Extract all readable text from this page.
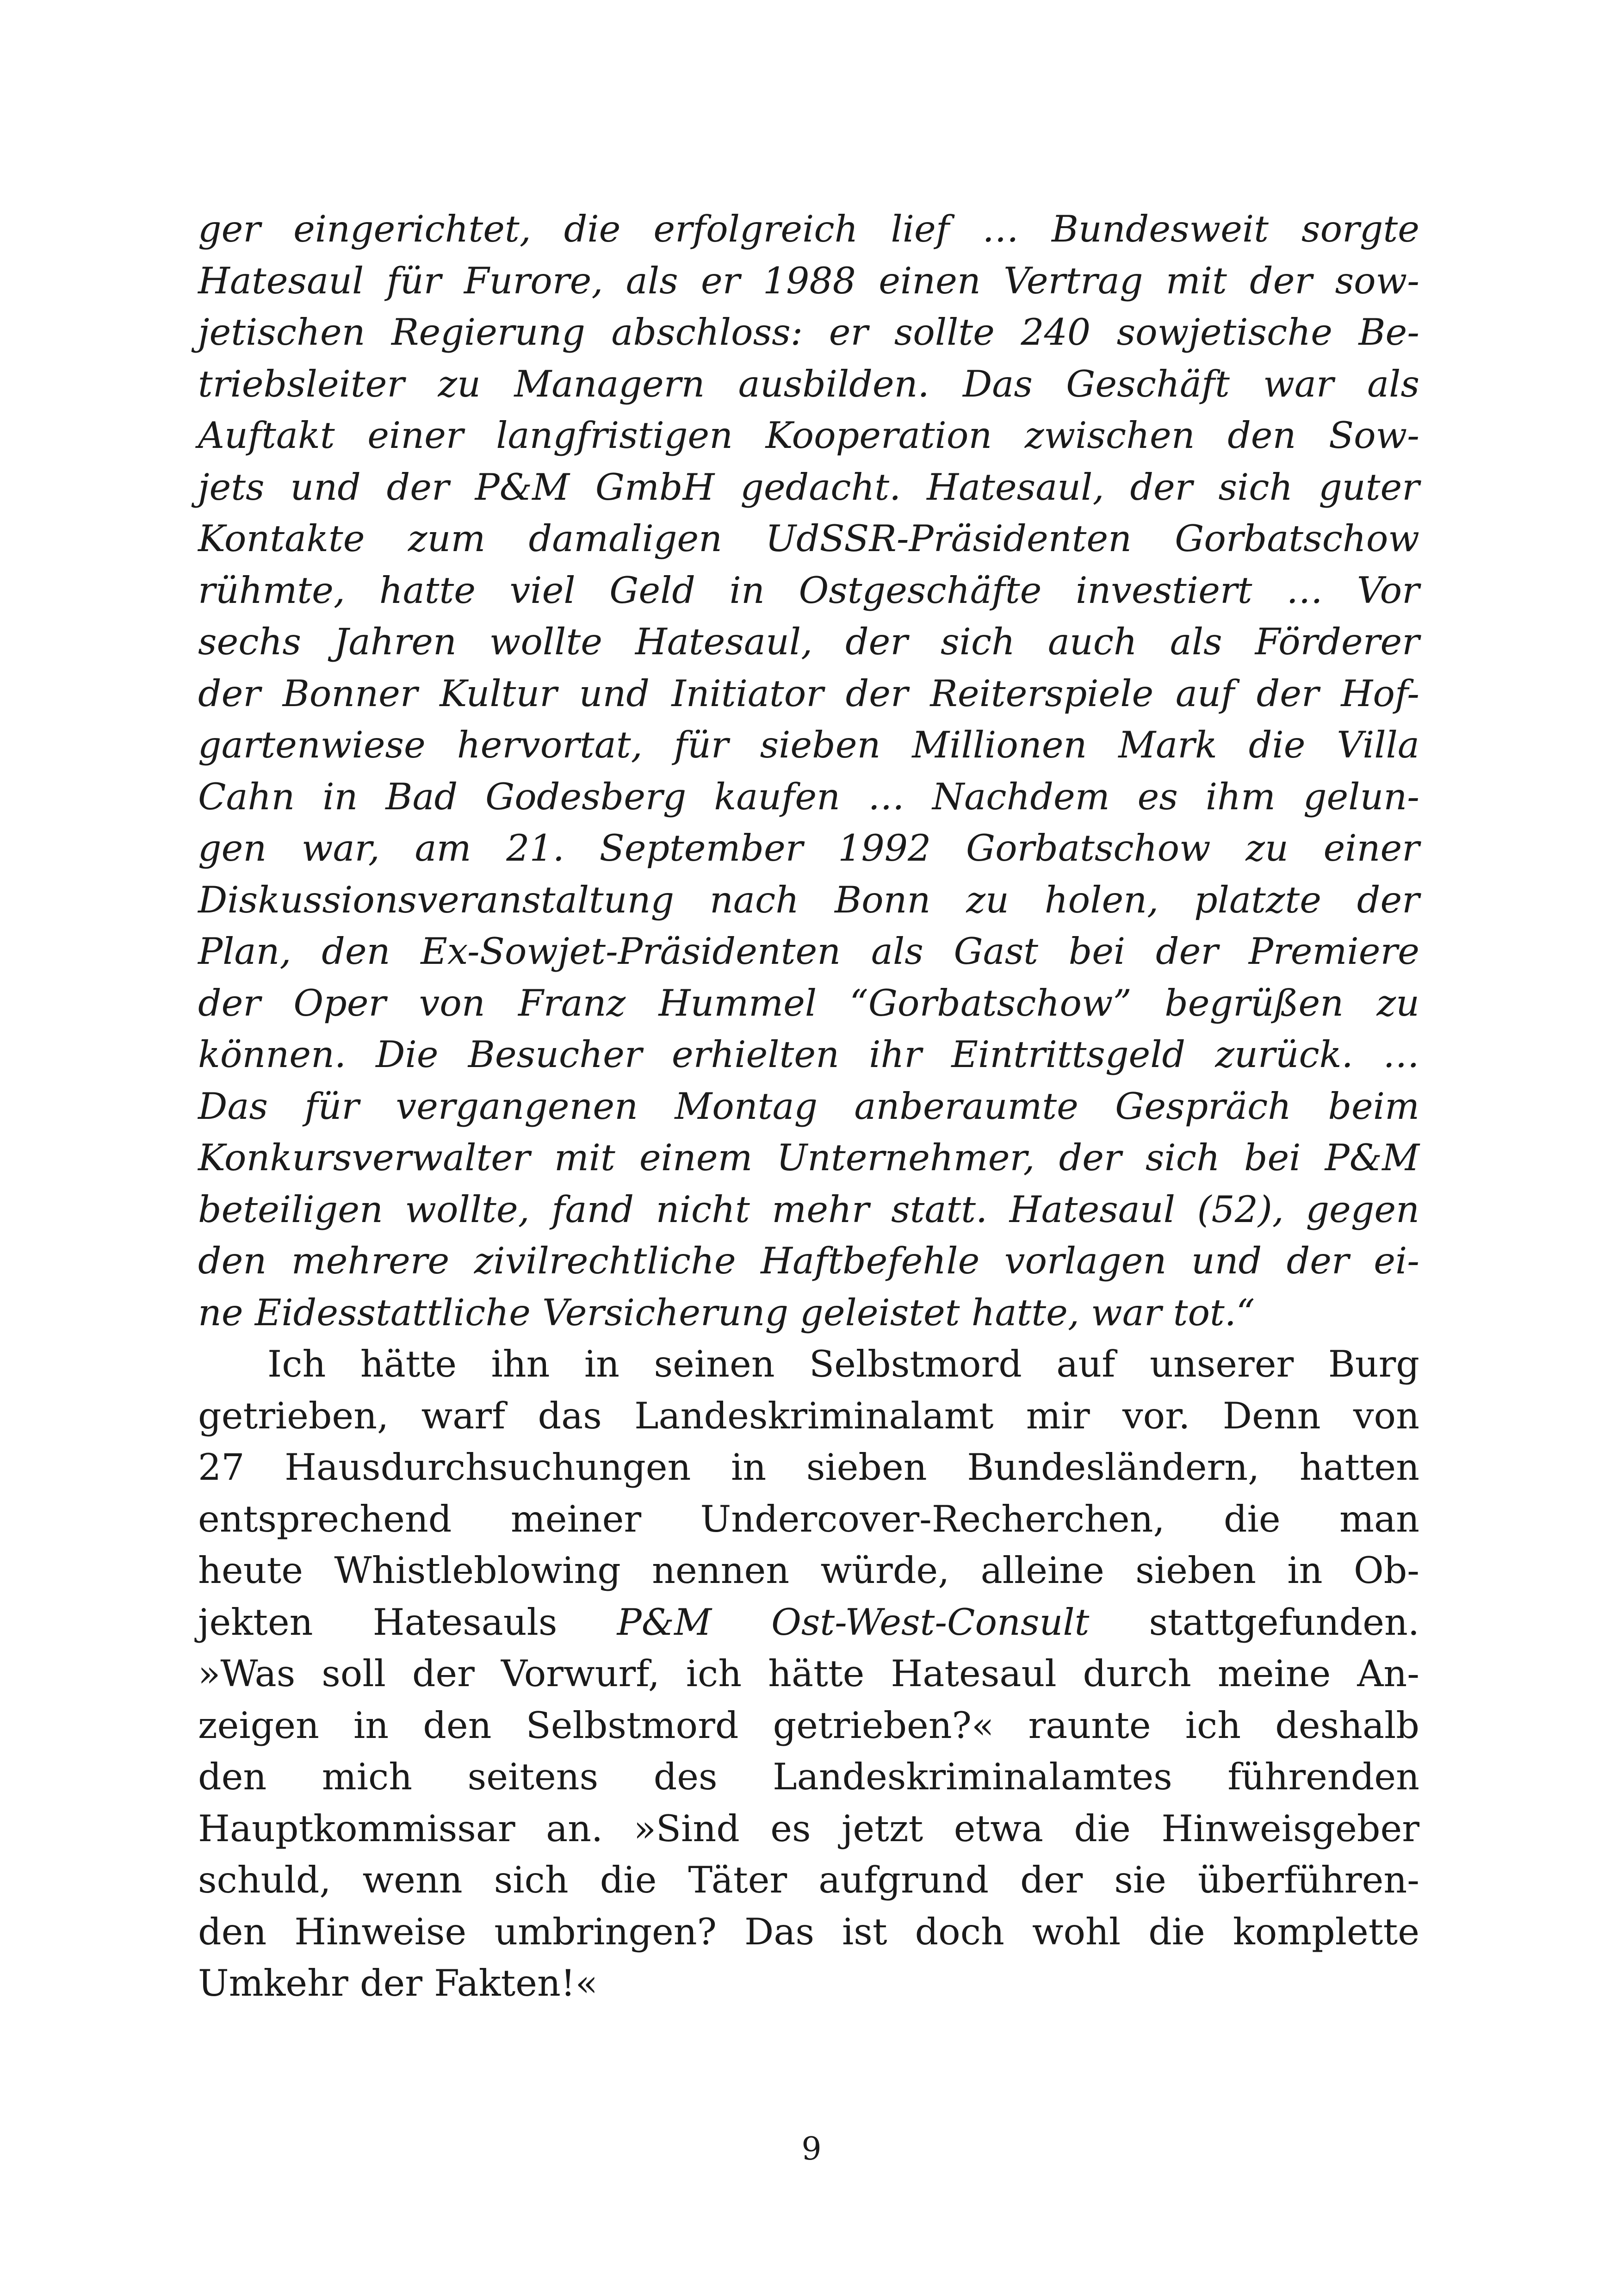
ger eingerichtet, die erfolgreich lief … Bundesweit sorgte
Hatesaul für Furore, als er 1988 einen Vertrag mit der sow-
jetischen Regierung abschloss: er sollte 240 sowjetische Be-
triebsleiter zu Managern ausbilden. Das Geschäft war als
Auftakt einer langfristigen Kooperation zwischen den Sow-
jets und der P&M GmbH gedacht. Hatesaul, der sich guter
Kontakte zum damaligen UdSSR-Präsidenten Gorbatschow
rühmte, hatte viel Geld in Ostgeschäfte investiert … Vor
sechs Jahren wollte Hatesaul, der sich auch als Förderer
der Bonner Kultur und Initiator der Reiterspiele auf der Hof-
gartenwiese hervortat, für sieben Millionen Mark die Villa
Cahn in Bad Godesberg kaufen … Nachdem es ihm gelun-
gen war, am 21. September 1992 Gorbatschow zu einer
Diskussionsveranstaltung nach Bonn zu holen, platzte der
Plan, den Ex-Sowjet-Präsidenten als Gast bei der Premiere
der Oper von Franz Hummel “Gorbatschow” begrüßen zu
können. Die Besucher erhielten ihr Eintrittsgeld zurück. …
Das für vergangenen Montag anberaumte Gespräch beim
Konkursverwalter mit einem Unternehmer, der sich bei P&M
beteiligen wollte, fand nicht mehr statt. Hatesaul (52), gegen
den mehrere zivilrechtliche Haftbefehle vorlagen und der ei-
ne Eidesstattliche Versicherung geleistet hatte, war tot.“
Ich hätte ihn in seinen Selbstmord auf unserer Burg
getrieben, warf das Landeskriminalamt mir vor. Denn von
27 Hausdurchsuchungen in sieben Bundesländern, hatten
entsprechend meiner Undercover-Recherchen, die man
heute Whistleblowing nennen würde, alleine sieben in Ob-
jekten Hatesauls P&M Ost-West-Consult stattgefunden.
»Was soll der Vorwurf, ich hätte Hatesaul durch meine An-
zeigen in den Selbstmord getrieben?« raunte ich deshalb
den mich seitens des Landeskriminalamtes führenden
Hauptkommissar an. »Sind es jetzt etwa die Hinweisgeber
schuld, wenn sich die Täter aufgrund der sie überführen-
den Hinweise umbringen? Das ist doch wohl die komplette
Umkehr der Fakten!«
9
